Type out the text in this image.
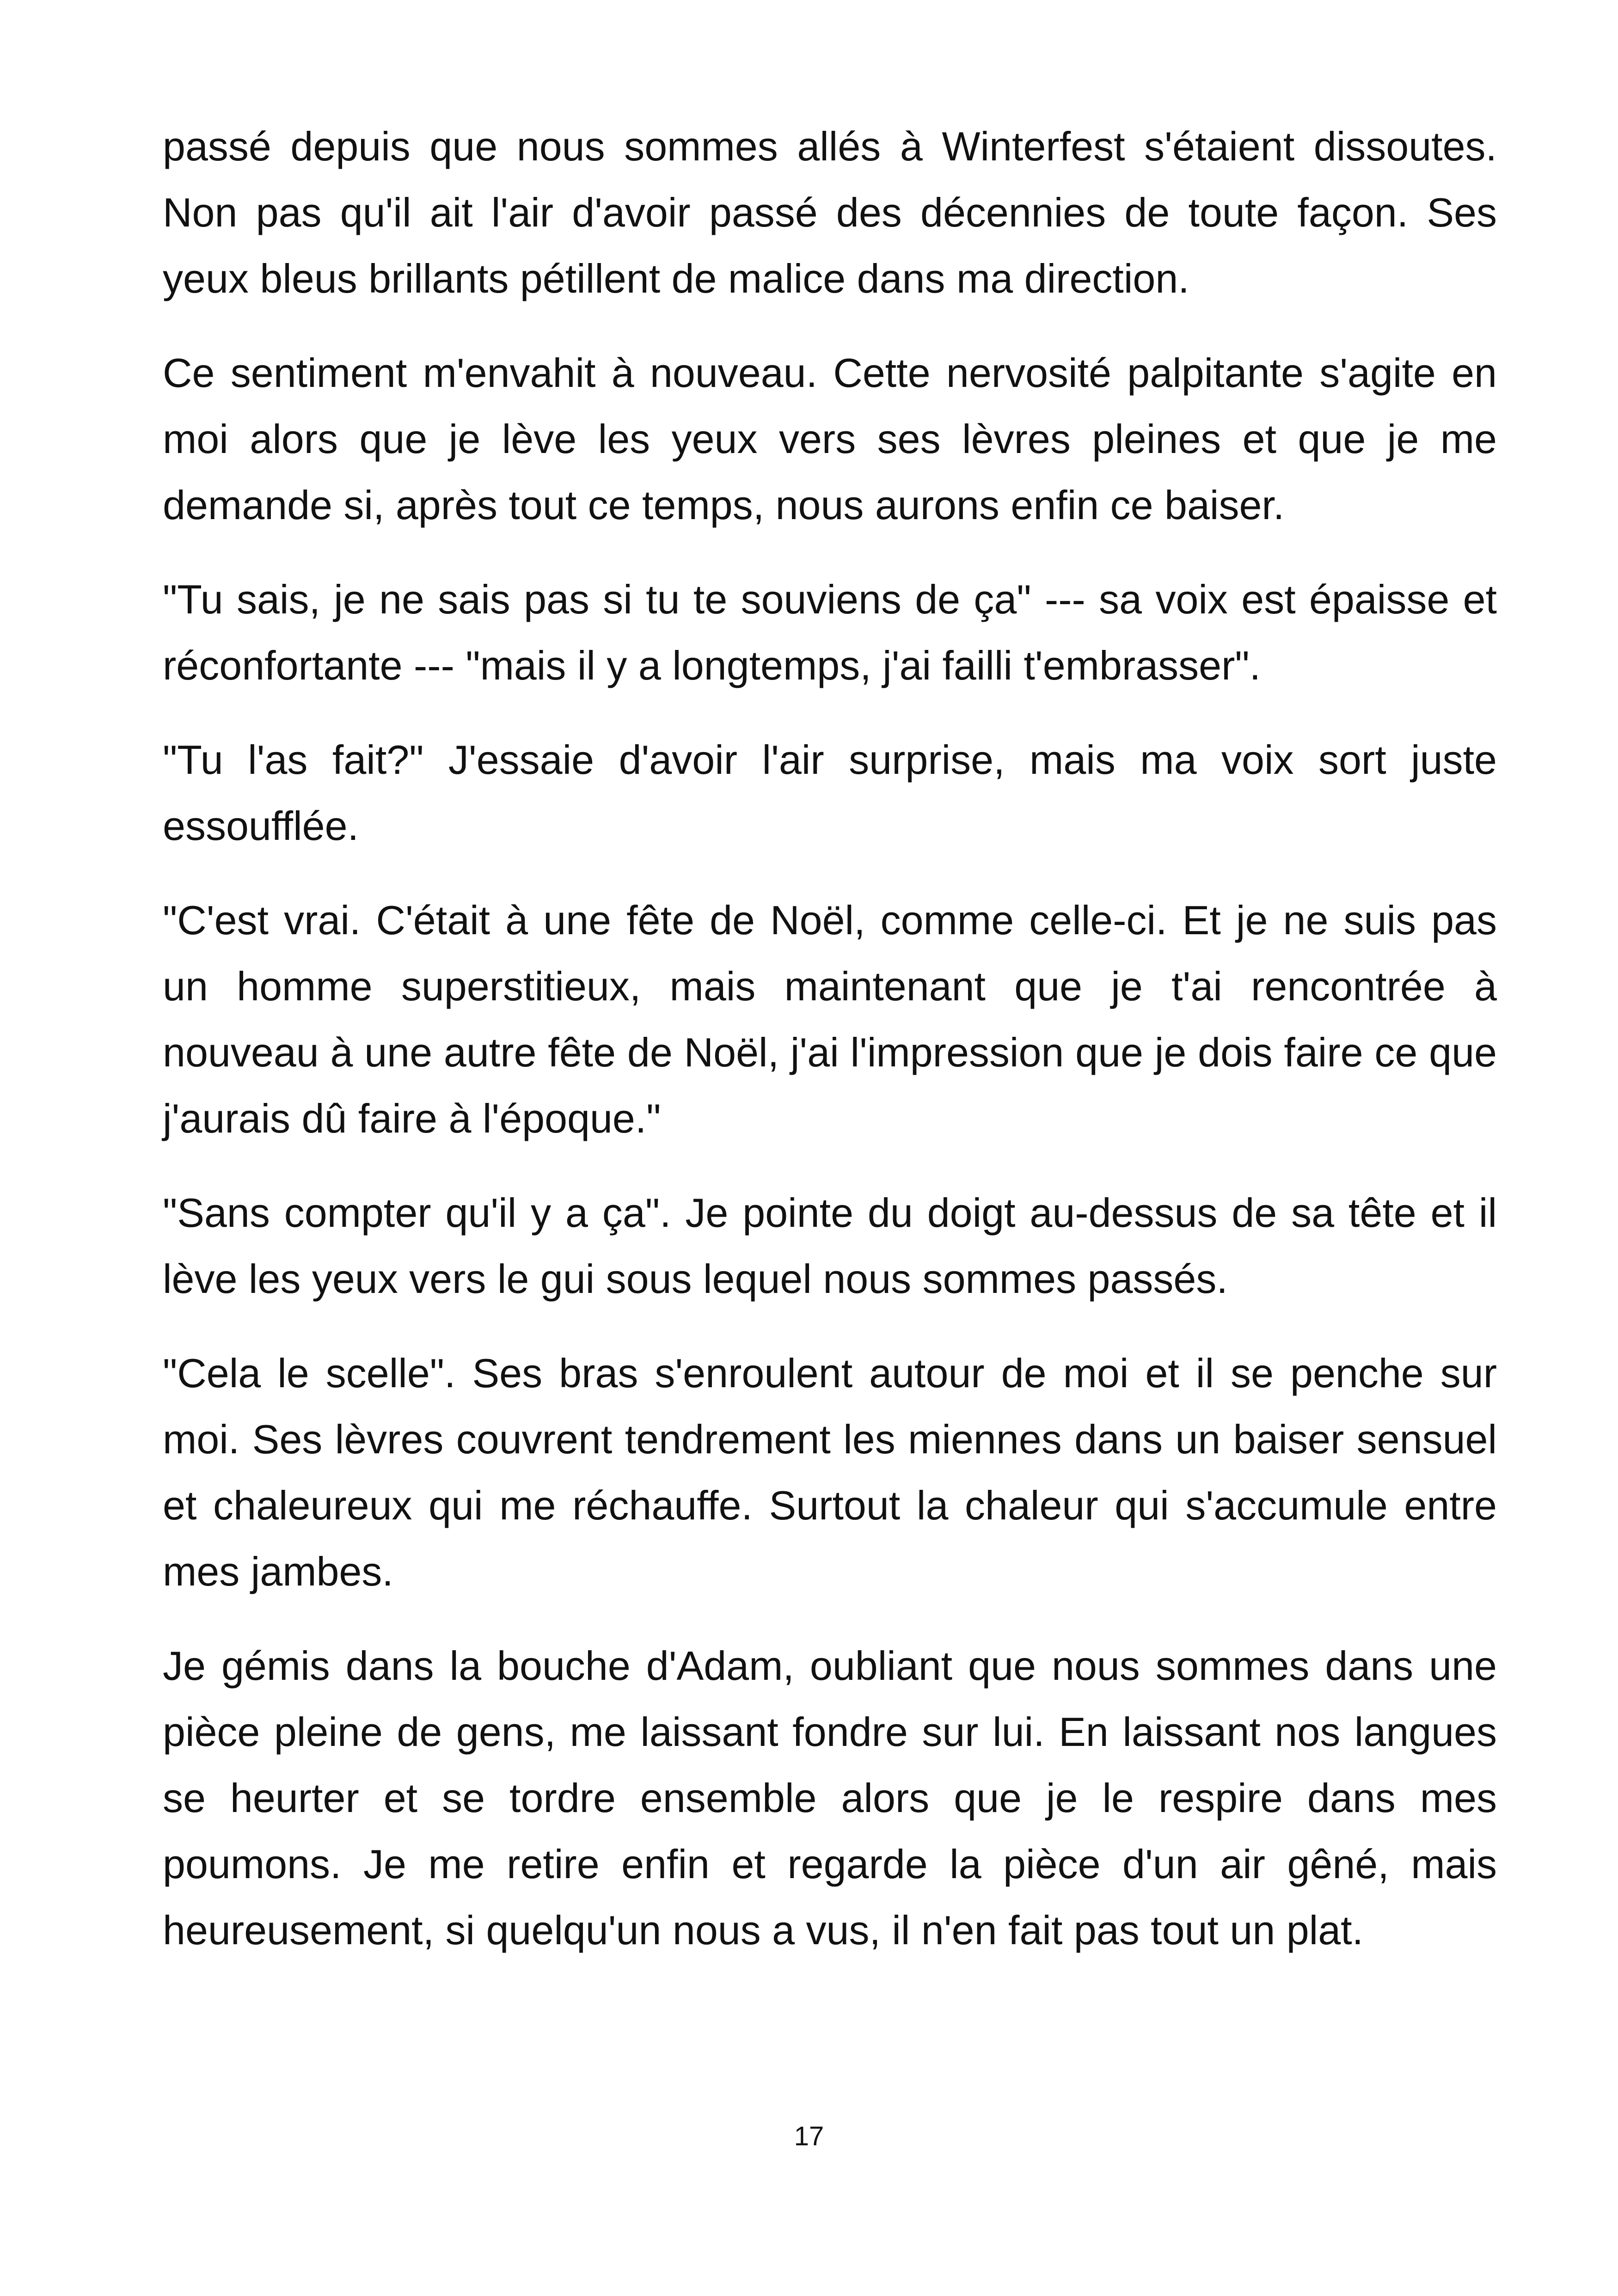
passé depuis que nous sommes allés à Winterfest s'étaient dissoutes. Non pas qu'il ait l'air d'avoir passé des décennies de toute façon. Ses yeux bleus brillants pétillent de malice dans ma direction.

Ce sentiment m'envahit à nouveau. Cette nervosité palpitante s'agite en moi alors que je lève les yeux vers ses lèvres pleines et que je me demande si, après tout ce temps, nous aurons enfin ce baiser.

"Tu sais, je ne sais pas si tu te souviens de ça" --- sa voix est épaisse et réconfortante --- "mais il y a longtemps, j'ai failli t'embrasser".

"Tu l'as fait?" J'essaie d'avoir l'air surprise, mais ma voix sort juste essoufflée.

"C'est vrai. C'était à une fête de Noël, comme celle-ci. Et je ne suis pas un homme superstitieux, mais maintenant que je t'ai rencontrée à nouveau à une autre fête de Noël, j'ai l'impression que je dois faire ce que j'aurais dû faire à l'époque."

"Sans compter qu'il y a ça". Je pointe du doigt au-dessus de sa tête et il lève les yeux vers le gui sous lequel nous sommes passés.

"Cela le scelle". Ses bras s'enroulent autour de moi et il se penche sur moi. Ses lèvres couvrent tendrement les miennes dans un baiser sensuel et chaleureux qui me réchauffe. Surtout la chaleur qui s'accumule entre mes jambes.

Je gémis dans la bouche d'Adam, oubliant que nous sommes dans une pièce pleine de gens, me laissant fondre sur lui. En laissant nos langues se heurter et se tordre ensemble alors que je le respire dans mes poumons. Je me retire enfin et regarde la pièce d'un air gêné, mais heureusement, si quelqu'un nous a vus, il n'en fait pas tout un plat.

17
